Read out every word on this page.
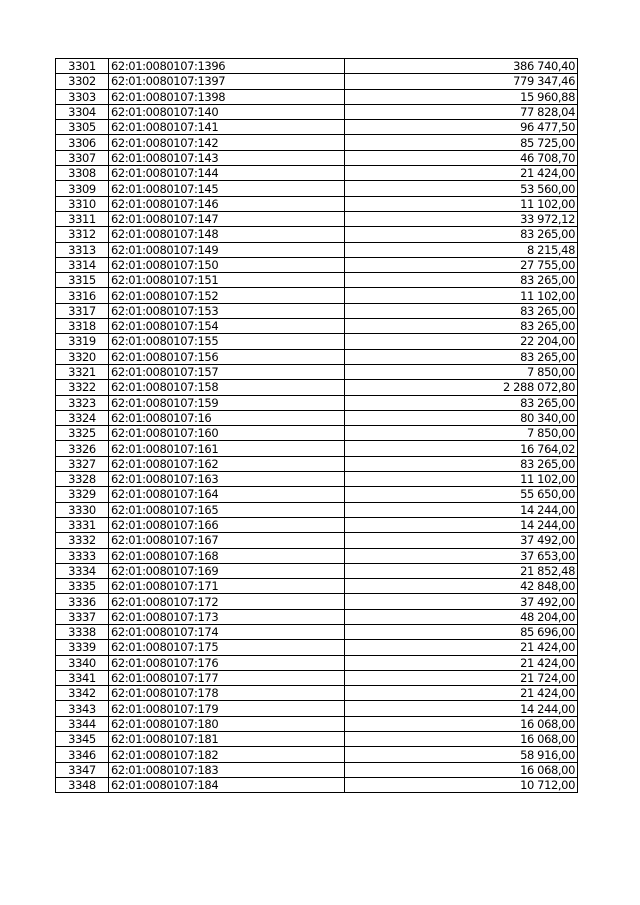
3301	62:01:0080107:1396	386 740,40
3302	62:01:0080107:1397	779 347,46
3303	62:01:0080107:1398	15 960,88
3304	62:01:0080107:140	77 828,04
3305	62:01:0080107:141	96 477,50
3306	62:01:0080107:142	85 725,00
3307	62:01:0080107:143	46 708,70
3308	62:01:0080107:144	21 424,00
3309	62:01:0080107:145	53 560,00
3310	62:01:0080107:146	11 102,00
3311	62:01:0080107:147	33 972,12
3312	62:01:0080107:148	83 265,00
3313	62:01:0080107:149	8 215,48
3314	62:01:0080107:150	27 755,00
3315	62:01:0080107:151	83 265,00
3316	62:01:0080107:152	11 102,00
3317	62:01:0080107:153	83 265,00
3318	62:01:0080107:154	83 265,00
3319	62:01:0080107:155	22 204,00
3320	62:01:0080107:156	83 265,00
3321	62:01:0080107:157	7 850,00
3322	62:01:0080107:158	2 288 072,80
3323	62:01:0080107:159	83 265,00
3324	62:01:0080107:16	80 340,00
3325	62:01:0080107:160	7 850,00
3326	62:01:0080107:161	16 764,02
3327	62:01:0080107:162	83 265,00
3328	62:01:0080107:163	11 102,00
3329	62:01:0080107:164	55 650,00
3330	62:01:0080107:165	14 244,00
3331	62:01:0080107:166	14 244,00
3332	62:01:0080107:167	37 492,00
3333	62:01:0080107:168	37 653,00
3334	62:01:0080107:169	21 852,48
3335	62:01:0080107:171	42 848,00
3336	62:01:0080107:172	37 492,00
3337	62:01:0080107:173	48 204,00
3338	62:01:0080107:174	85 696,00
3339	62:01:0080107:175	21 424,00
3340	62:01:0080107:176	21 424,00
3341	62:01:0080107:177	21 724,00
3342	62:01:0080107:178	21 424,00
3343	62:01:0080107:179	14 244,00
3344	62:01:0080107:180	16 068,00
3345	62:01:0080107:181	16 068,00
3346	62:01:0080107:182	58 916,00
3347	62:01:0080107:183	16 068,00
3348	62:01:0080107:184	10 712,00
